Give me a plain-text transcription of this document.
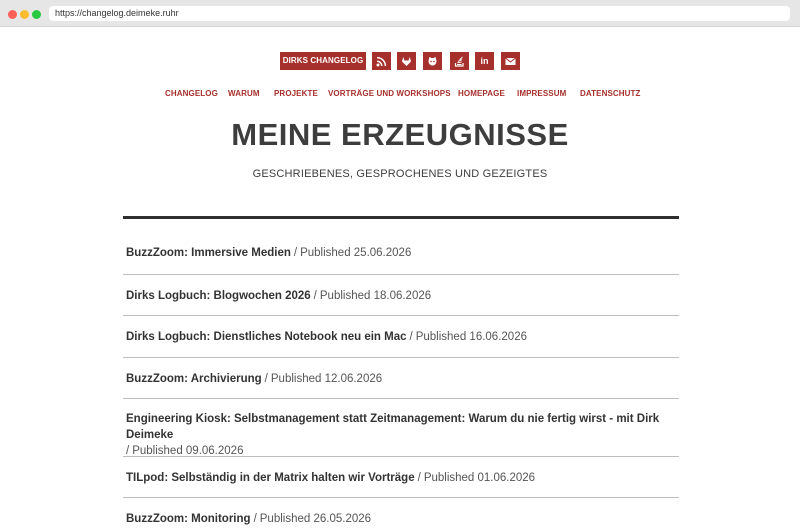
https://changelog.deimeke.ruhr
DIRKS CHANGELOG	in
CHANGELOG WARUM PROJEKTE VORTRÄGE UND WORKSHOPS HOMEPAGE IMPRESSUM DATENSCHUTZ
MEINE ERZEUGNISSE
GESCHRIEBENES, GESPROCHENES UND GEZEIGTES
BuzzZoom: Immersive Medien / Published 25.06.2026
Dirks Logbuch: Blogwochen 2026 / Published 18.06.2026
Dirks Logbuch: Dienstliches Notebook neu ein Mac / Published 16.06.2026
BuzzZoom: Archivierung / Published 12.06.2026
Engineering Kiosk: Selbstmanagement statt Zeitmanagement: Warum du nie fertig wirst - mit Dirk Deimeke
/ Published 09.06.2026
TILpod: Selbständig in der Matrix halten wir Vorträge / Published 01.06.2026
BuzzZoom: Monitoring / Published 26.05.2026
